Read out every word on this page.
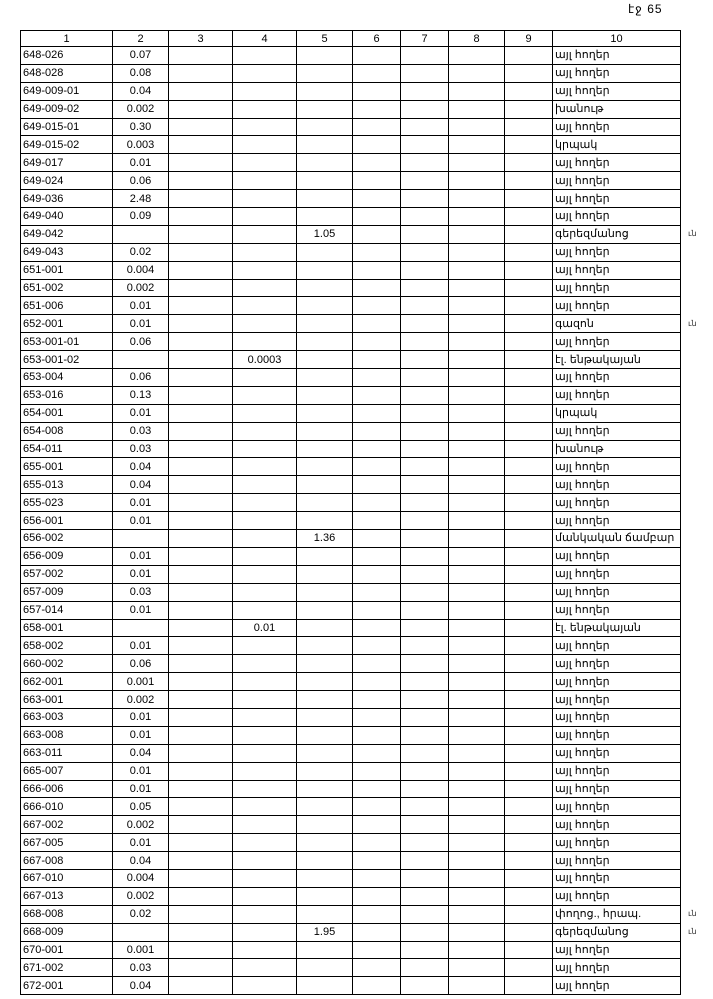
էջ 65
1	2	3	4	5	6	7	8	9	10
648-026	0.07								այլ հողեր
648-028	0.08								այլ հողեր
649-009-01	0.04								այլ հողեր
649-009-02	0.002								խանութ
649-015-01	0.30								այլ հողեր
649-015-02	0.003								կրպակ
649-017	0.01								այլ հողեր
649-024	0.06								այլ հողեր
649-036	2.48								այլ հողեր
649-040	0.09								այլ հողեր
649-042				1.05					գերեզմանոց
649-043	0.02								այլ հողեր
651-001	0.004								այլ հողեր
651-002	0.002								այլ հողեր
651-006	0.01								այլ հողեր
652-001	0.01								գազոն
653-001-01	0.06								այլ հողեր
653-001-02			0.0003						էլ. ենթակայան
653-004	0.06								այլ հողեր
653-016	0.13								այլ հողեր
654-001	0.01								կրպակ
654-008	0.03								այլ հողեր
654-011	0.03								խանութ
655-001	0.04								այլ հողեր
655-013	0.04								այլ հողեր
655-023	0.01								այլ հողեր
656-001	0.01								այլ հողեր
656-002				1.36					մանկական ճամբար
656-009	0.01								այլ հողեր
657-002	0.01								այլ հողեր
657-009	0.03								այլ հողեր
657-014	0.01								այլ հողեր
658-001			0.01						էլ. ենթակայան
658-002	0.01								այլ հողեր
660-002	0.06								այլ հողեր
662-001	0.001								այլ հողեր
663-001	0.002								այլ հողեր
663-003	0.01								այլ հողեր
663-008	0.01								այլ հողեր
663-011	0.04								այլ հողեր
665-007	0.01								այլ հողեր
666-006	0.01								այլ հողեր
666-010	0.05								այլ հողեր
667-002	0.002								այլ հողեր
667-005	0.01								այլ հողեր
667-008	0.04								այլ հողեր
667-010	0.004								այլ հողեր
667-013	0.002								այլ հողեր
668-008	0.02								փողոց., հրապ.
668-009				1.95					գերեզմանոց
670-001	0.001								այլ հողեր
671-002	0.03								այլ հողեր
672-001	0.04								այլ հողեր
ւն
ւն
ւն
ւն
